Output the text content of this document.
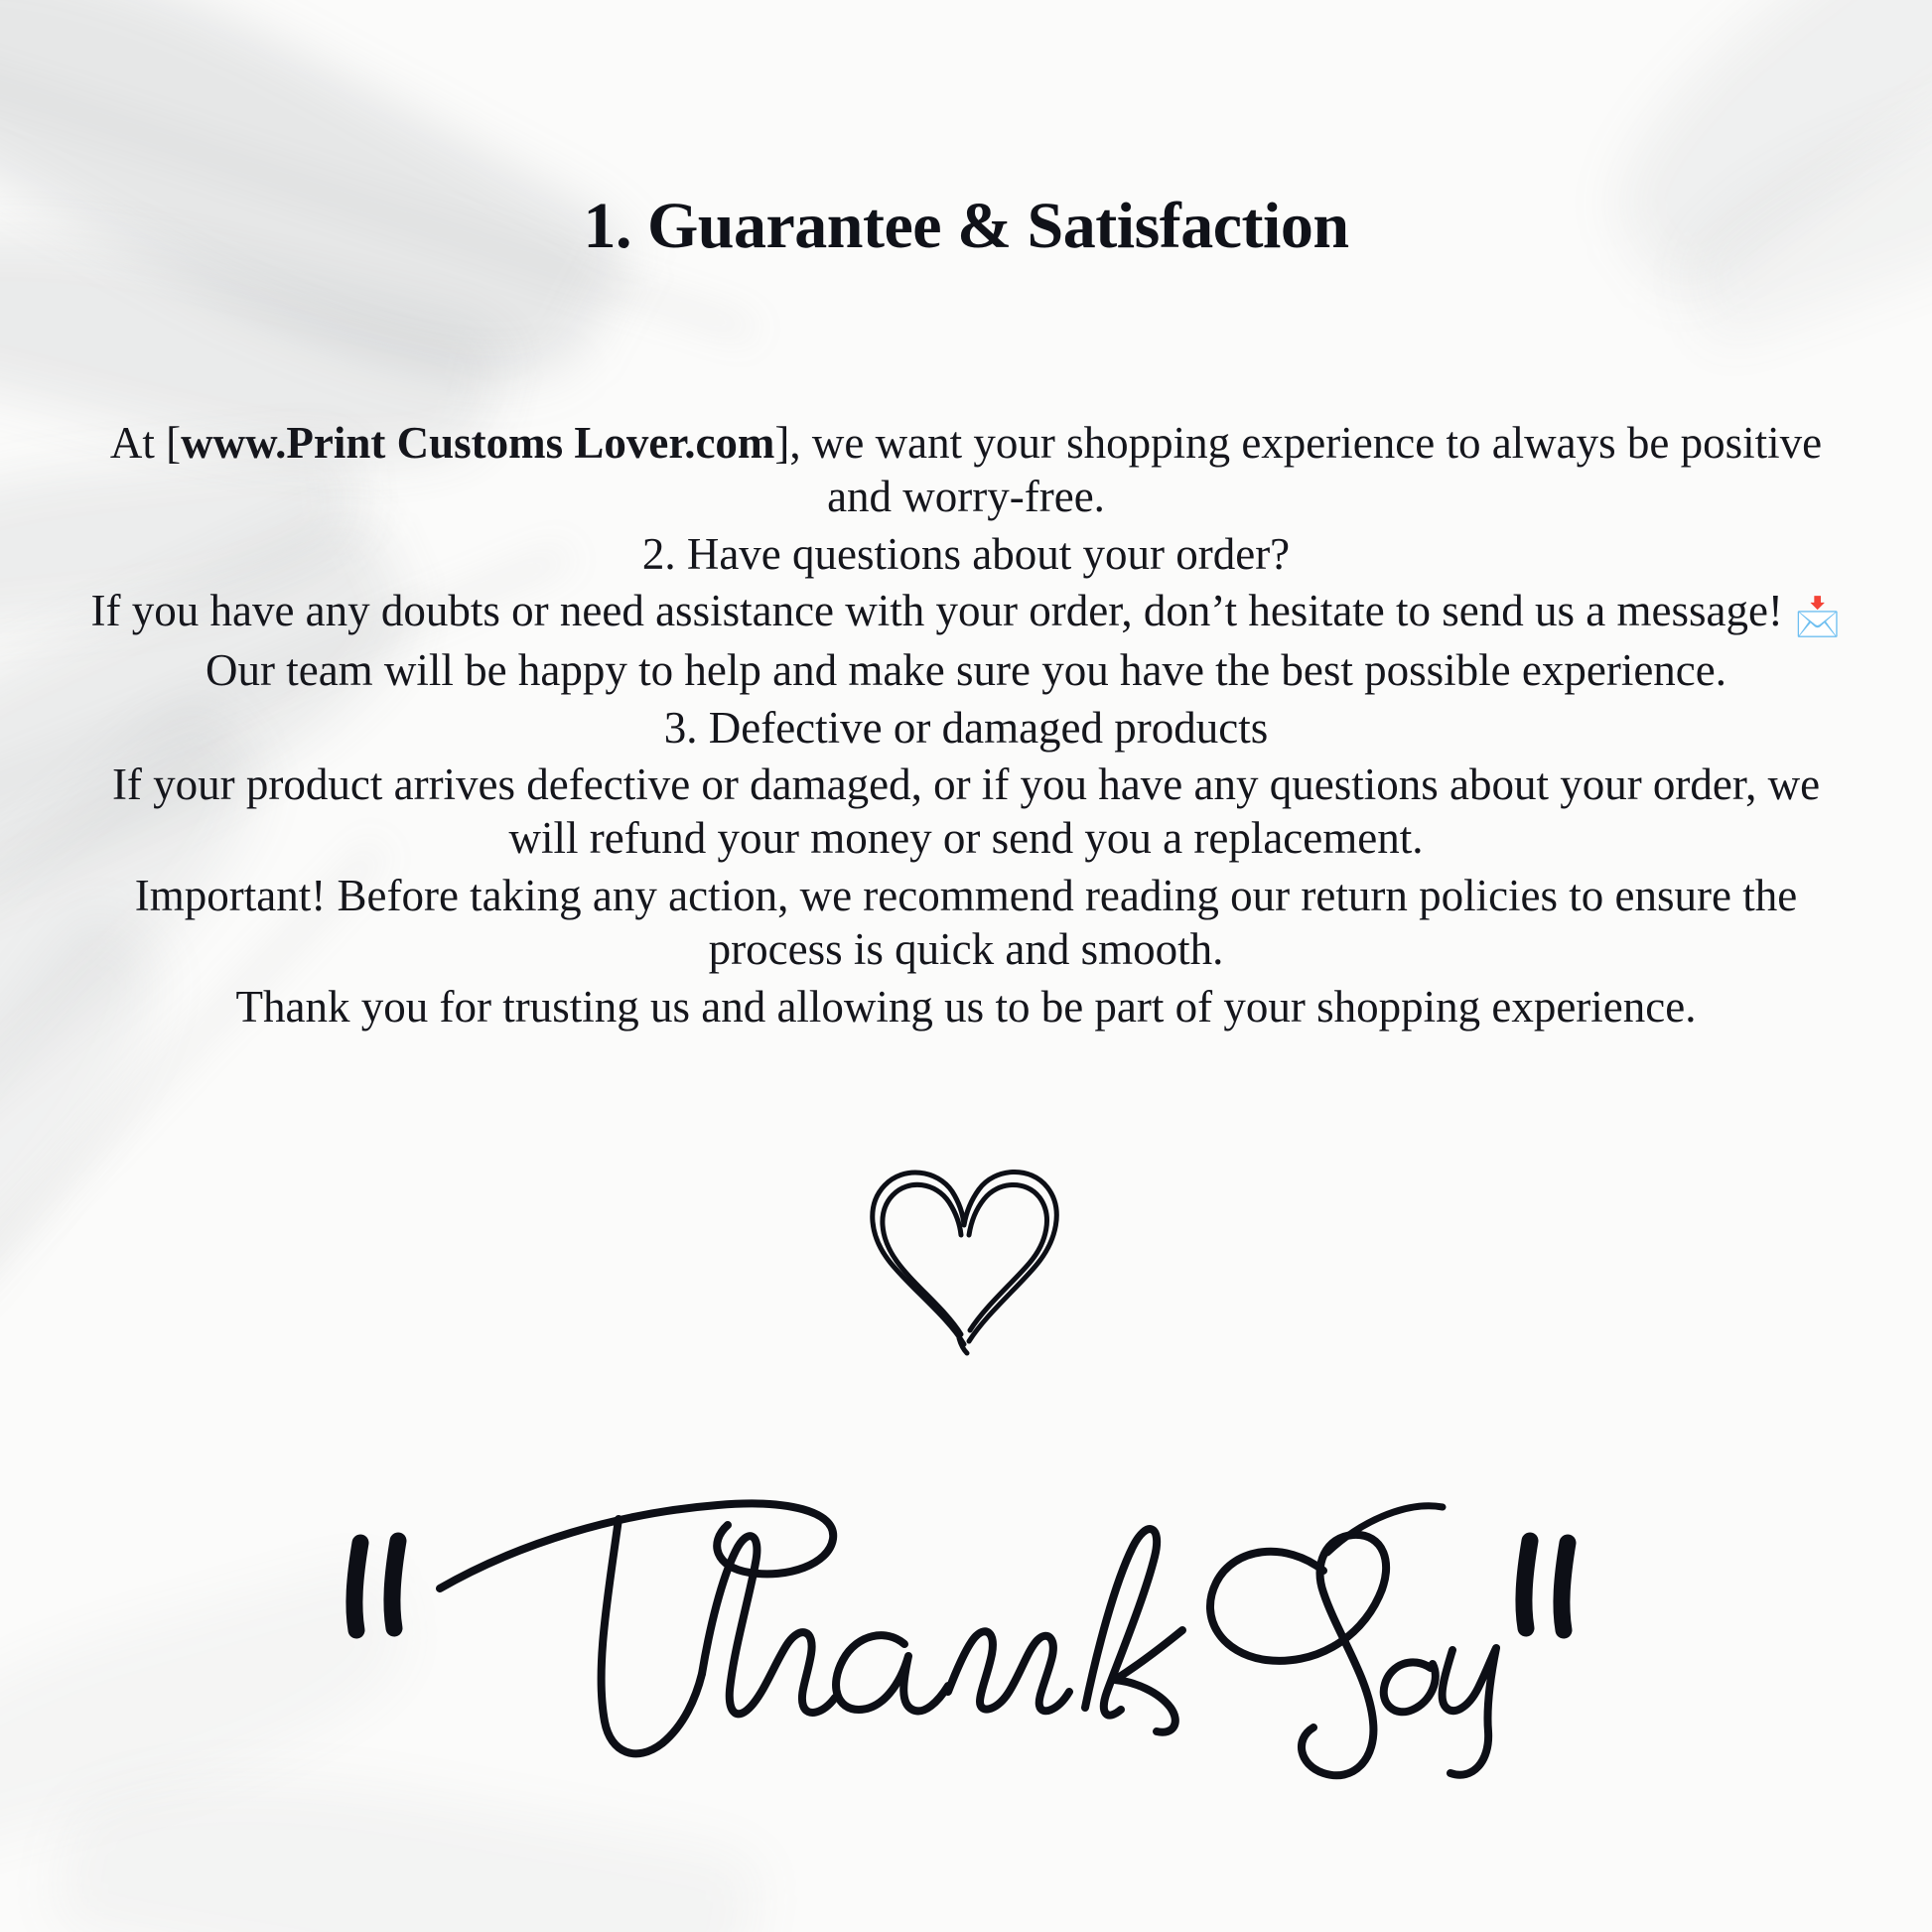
1. Guarantee & Satisfaction

At [www.Print Customs Lover.com], we want your shopping experience to always be positive and worry-free.

2. Have questions about your order?

If you have any doubts or need assistance with your order, don’t hesitate to send us a message! 📩

Our team will be happy to help and make sure you have the best possible experience.

3. Defective or damaged products

If your product arrives defective or damaged, or if you have any questions about your order, we will refund your money or send you a replacement.

Important! Before taking any action, we recommend reading our return policies to ensure the process is quick and smooth.

Thank you for trusting us and allowing us to be part of your shopping experience.
